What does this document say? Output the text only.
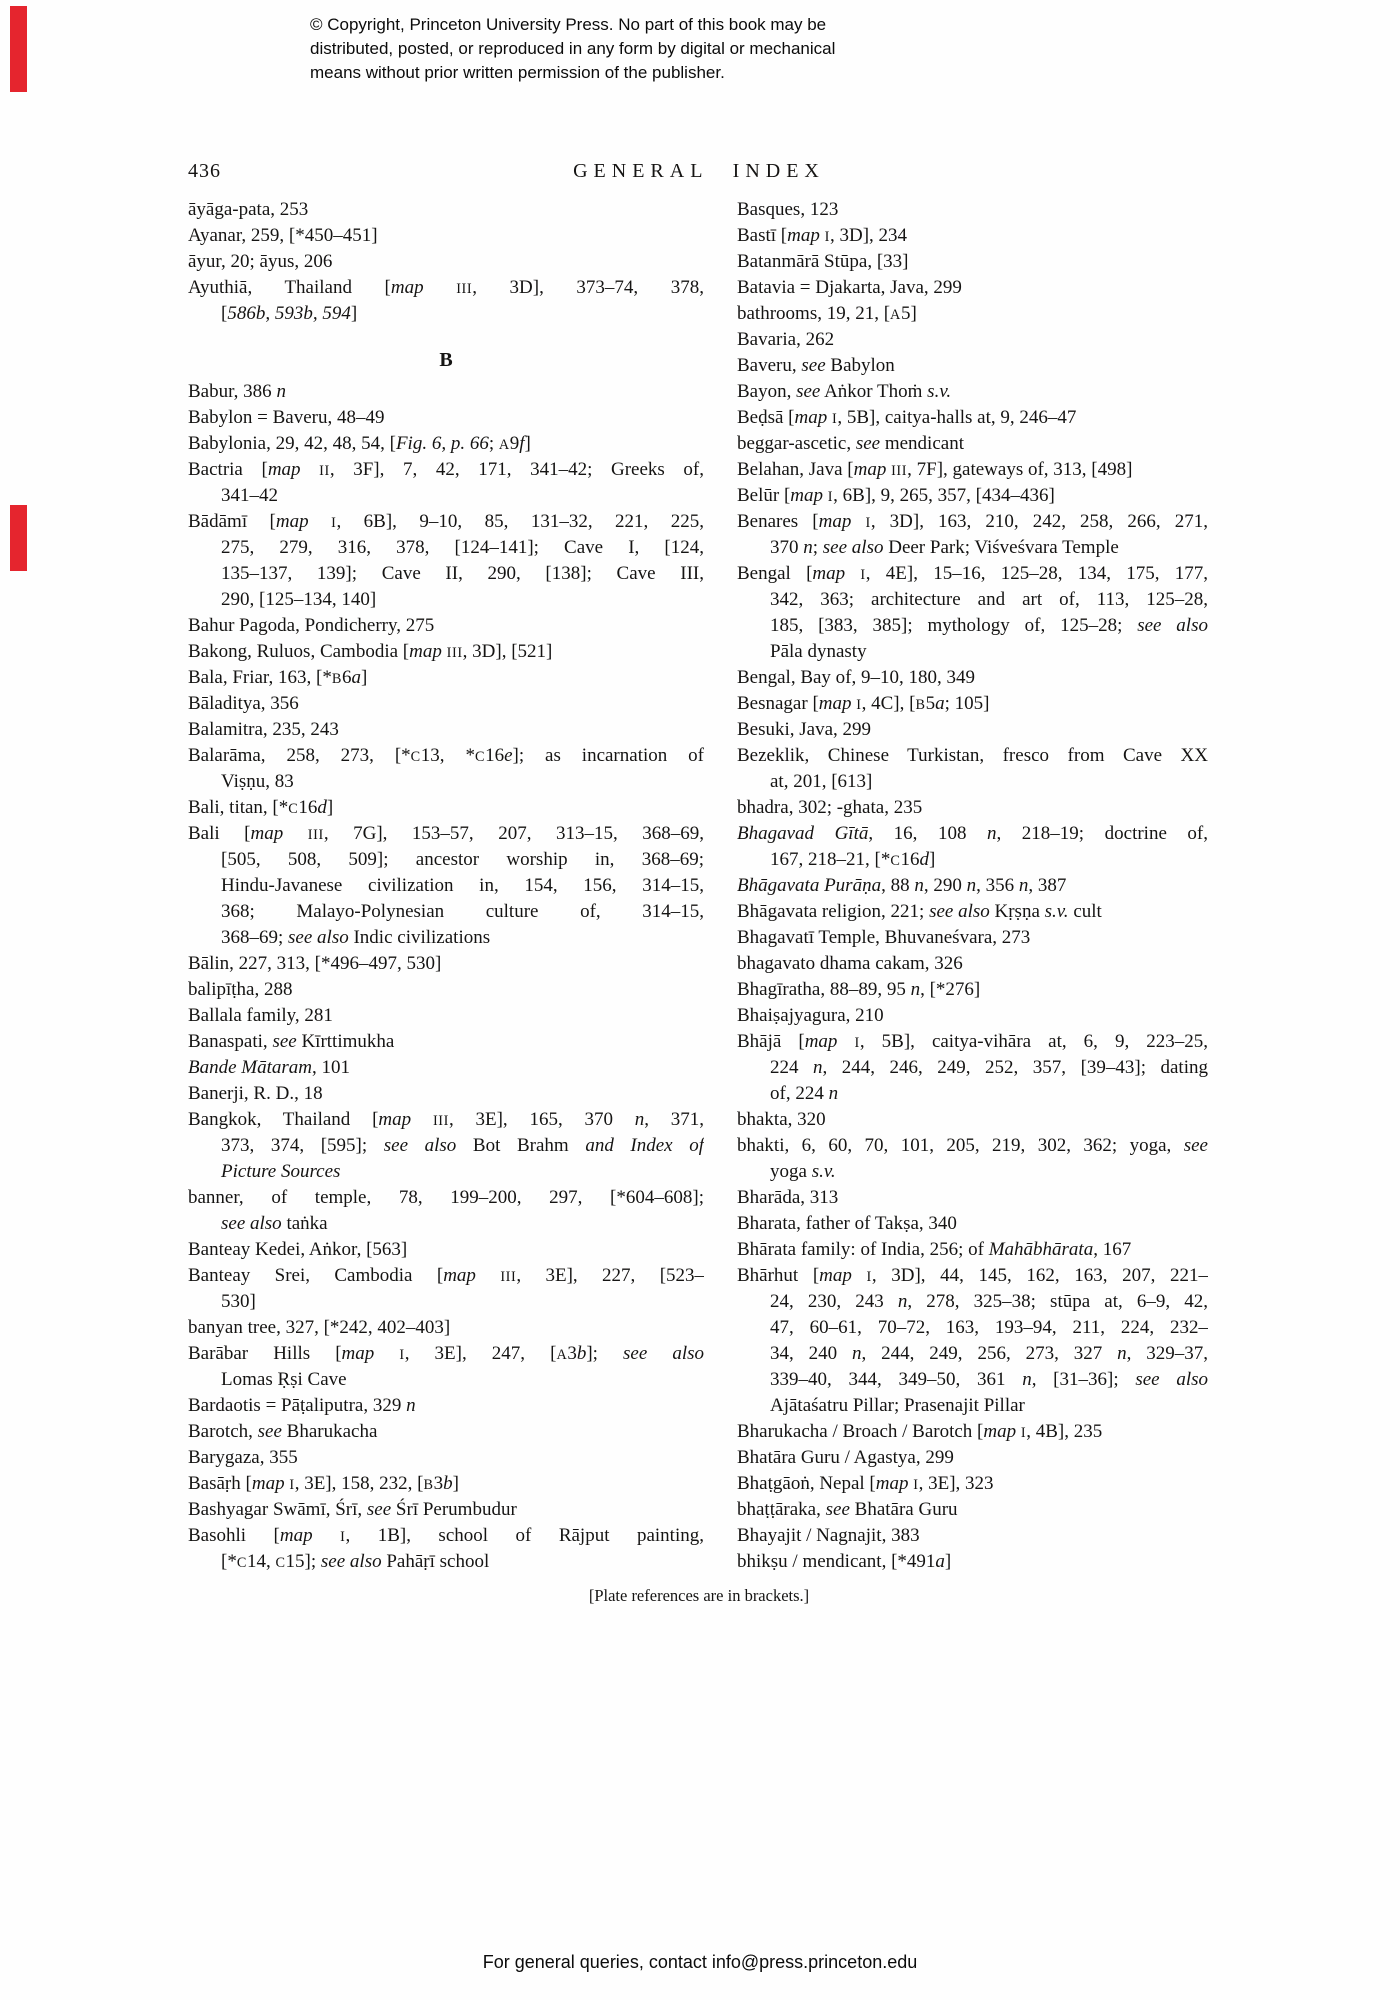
© Copyright, Princeton University Press. No part of this book may be
distributed, posted, or reproduced in any form by digital or mechanical
means without prior written permission of the publisher.
436	GENERAL INDEX
āyāga-pata, 253
Ayanar, 259, [*450–451]
āyur, 20; āyus, 206
Ayuthiā, Thailand [map III, 3D], 373–74, 378,
[586b, 593b, 594]
B
Babur, 386 n
Babylon = Baveru, 48–49
Babylonia, 29, 42, 48, 54, [Fig. 6, p. 66; A9f]
Bactria [map II, 3F], 7, 42, 171, 341–42; Greeks of,
341–42
Bādāmī [map I, 6B], 9–10, 85, 131–32, 221, 225,
275, 279, 316, 378, [124–141]; Cave I, [124,
135–137, 139]; Cave II, 290, [138]; Cave III,
290, [125–134, 140]
Bahur Pagoda, Pondicherry, 275
Bakong, Ruluos, Cambodia [map III, 3D], [521]
Bala, Friar, 163, [*B6a]
Bāladitya, 356
Balamitra, 235, 243
Balarāma, 258, 273, [*C13, *C16e]; as incarnation of
Viṣṇu, 83
Bali, titan, [*C16d]
Bali [map III, 7G], 153–57, 207, 313–15, 368–69,
[505, 508, 509]; ancestor worship in, 368–69;
Hindu-Javanese civilization in, 154, 156, 314–15,
368; Malayo-Polynesian culture of, 314–15,
368–69; see also Indic civilizations
Bālin, 227, 313, [*496–497, 530]
balipīṭha, 288
Ballala family, 281
Banaspati, see Kīrttimukha
Bande Mātaram, 101
Banerji, R. D., 18
Bangkok, Thailand [map III, 3E], 165, 370 n, 371,
373, 374, [595]; see also Bot Brahm and Index of
Picture Sources
banner, of temple, 78, 199–200, 297, [*604–608];
see also taṅka
Banteay Kedei, Aṅkor, [563]
Banteay Srei, Cambodia [map III, 3E], 227, [523–
530]
banyan tree, 327, [*242, 402–403]
Barābar Hills [map I, 3E], 247, [A3b]; see also
Lomas Ṛṣi Cave
Bardaotis = Pāṭaliputra, 329 n
Barotch, see Bharukacha
Barygaza, 355
Basāṛh [map I, 3E], 158, 232, [B3b]
Bashyagar Swāmī, Śrī, see Śrī Perumbudur
Basohli [map I, 1B], school of Rājput painting,
[*C14, C15]; see also Pahāṛī school
Basques, 123
Bastī [map I, 3D], 234
Batanmārā Stūpa, [33]
Batavia = Djakarta, Java, 299
bathrooms, 19, 21, [A5]
Bavaria, 262
Baveru, see Babylon
Bayon, see Aṅkor Thoṁ s.v.
Beḍsā [map I, 5B], caitya-halls at, 9, 246–47
beggar-ascetic, see mendicant
Belahan, Java [map III, 7F], gateways of, 313, [498]
Belūr [map I, 6B], 9, 265, 357, [434–436]
Benares [map I, 3D], 163, 210, 242, 258, 266, 271,
370 n; see also Deer Park; Viśveśvara Temple
Bengal [map I, 4E], 15–16, 125–28, 134, 175, 177,
342, 363; architecture and art of, 113, 125–28,
185, [383, 385]; mythology of, 125–28; see also
Pāla dynasty
Bengal, Bay of, 9–10, 180, 349
Besnagar [map I, 4C], [B5a; 105]
Besuki, Java, 299
Bezeklik, Chinese Turkistan, fresco from Cave XX
at, 201, [613]
bhadra, 302; -ghata, 235
Bhagavad Gītā, 16, 108 n, 218–19; doctrine of,
167, 218–21, [*C16d]
Bhāgavata Purāṇa, 88 n, 290 n, 356 n, 387
Bhāgavata religion, 221; see also Kṛṣṇa s.v. cult
Bhagavatī Temple, Bhuvaneśvara, 273
bhagavato dhama cakam, 326
Bhagīratha, 88–89, 95 n, [*276]
Bhaiṣajyagura, 210
Bhājā [map I, 5B], caitya-vihāra at, 6, 9, 223–25,
224 n, 244, 246, 249, 252, 357, [39–43]; dating
of, 224 n
bhakta, 320
bhakti, 6, 60, 70, 101, 205, 219, 302, 362; yoga, see
yoga s.v.
Bharāda, 313
Bharata, father of Takṣa, 340
Bhārata family: of India, 256; of Mahābhārata, 167
Bhārhut [map I, 3D], 44, 145, 162, 163, 207, 221–
24, 230, 243 n, 278, 325–38; stūpa at, 6–9, 42,
47, 60–61, 70–72, 163, 193–94, 211, 224, 232–
34, 240 n, 244, 249, 256, 273, 327 n, 329–37,
339–40, 344, 349–50, 361 n, [31–36]; see also
Ajātaśatru Pillar; Prasenajit Pillar
Bharukacha / Broach / Barotch [map I, 4B], 235
Bhatāra Guru / Agastya, 299
Bhaṭgāoṅ, Nepal [map I, 3E], 323
bhaṭṭāraka, see Bhatāra Guru
Bhayajit / Nagnajit, 383
bhikṣu / mendicant, [*491a]
[Plate references are in brackets.]
For general queries, contact info@press.princeton.edu
